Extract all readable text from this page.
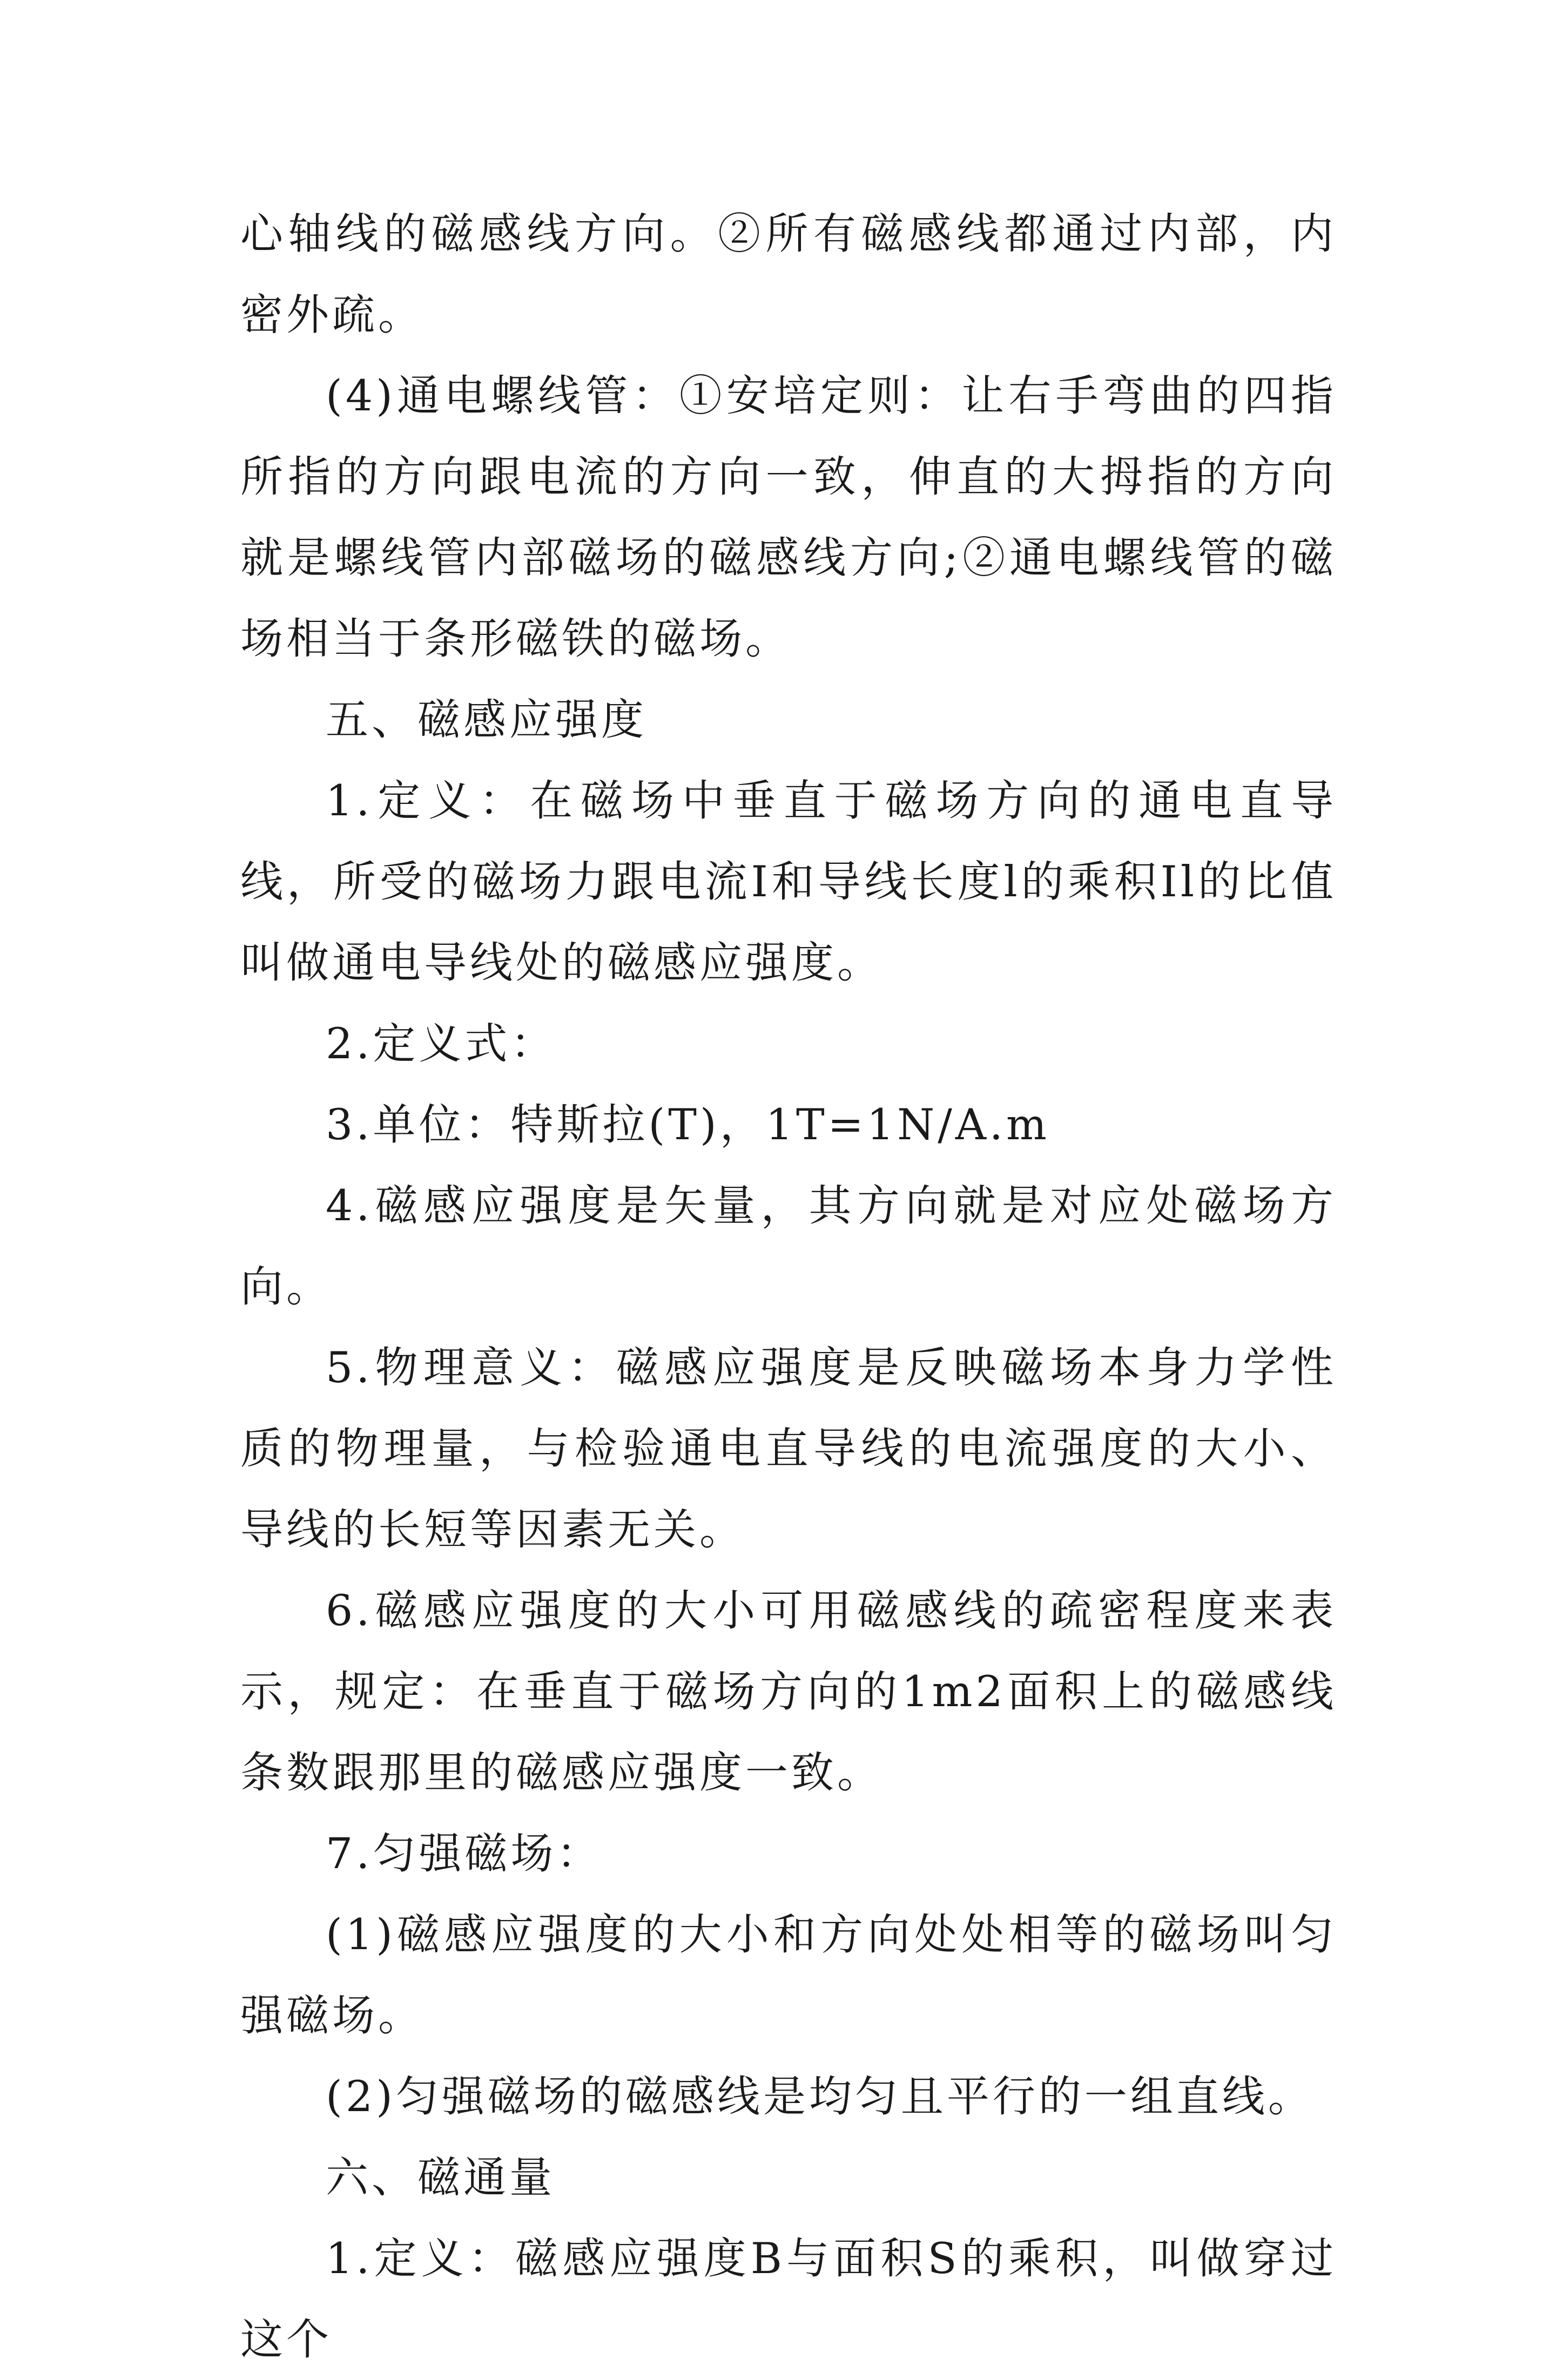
心轴线的磁感线方向。②所有磁感线都通过内部，内密外疏。

(4)通电螺线管：①安培定则：让右手弯曲的四指所指的方向跟电流的方向一致，伸直的大拇指的方向就是螺线管内部磁场的磁感线方向;②通电螺线管的磁场相当于条形磁铁的磁场。

五、磁感应强度

1.定义：在磁场中垂直于磁场方向的通电直导线，所受的磁场力跟电流I和导线长度l的乘积Il的比值叫做通电导线处的磁感应强度。

2.定义式：

3.单位：特斯拉(T)，1T=1N/A.m

4.磁感应强度是矢量，其方向就是对应处磁场方向。

5.物理意义：磁感应强度是反映磁场本身力学性质的物理量，与检验通电直导线的电流强度的大小、导线的长短等因素无关。

6.磁感应强度的大小可用磁感线的疏密程度来表示，规定：在垂直于磁场方向的1m2面积上的磁感线条数跟那里的磁感应强度一致。

7.匀强磁场：

(1)磁感应强度的大小和方向处处相等的磁场叫匀强磁场。

(2)匀强磁场的磁感线是均匀且平行的一组直线。

六、磁通量

1.定义：磁感应强度B与面积S的乘积，叫做穿过这个
